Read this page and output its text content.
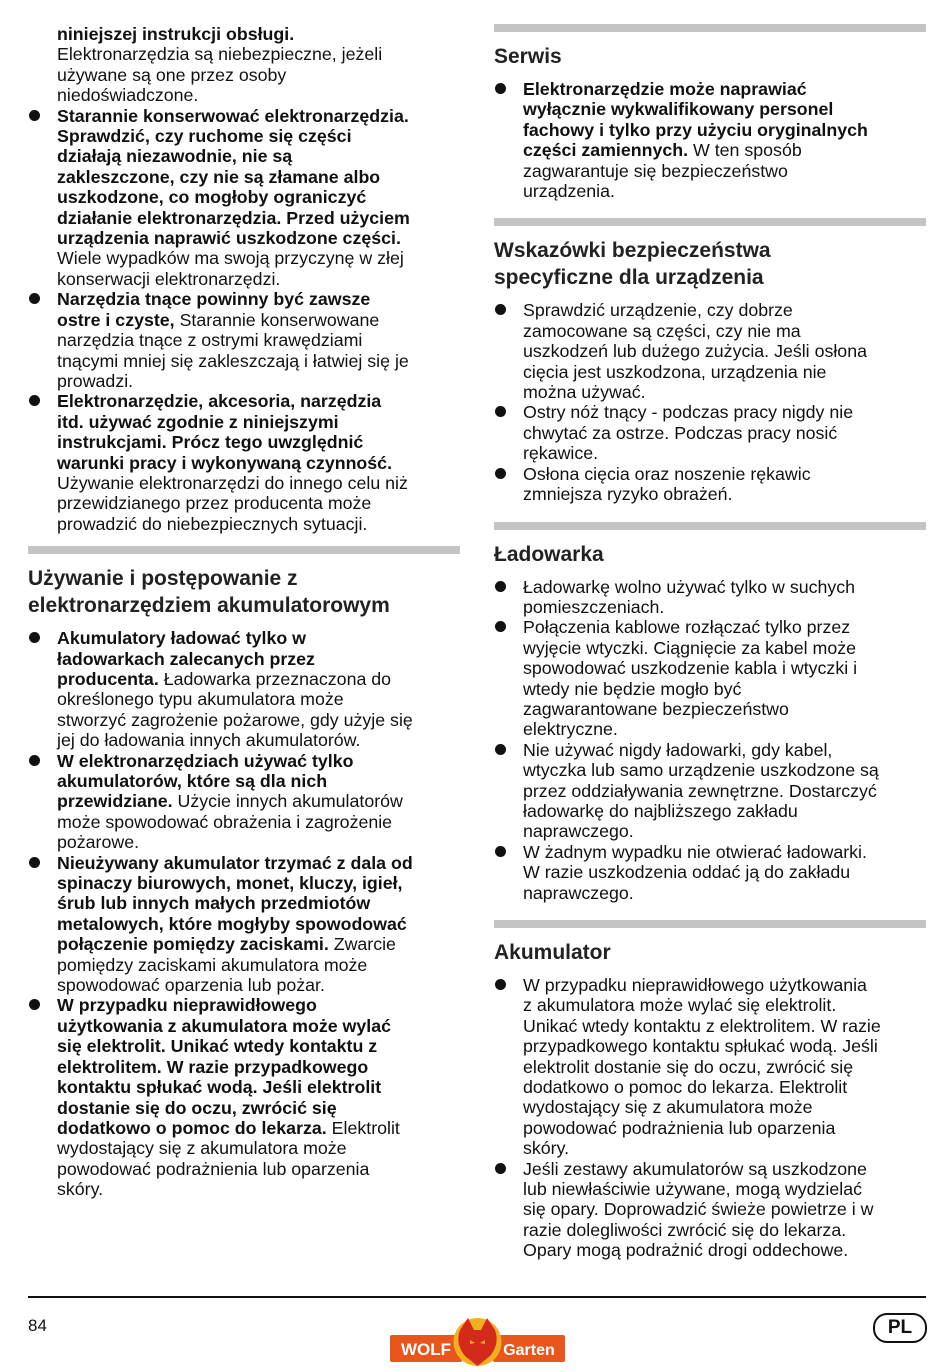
niniejszej instrukcji obsługi.
Elektronarzędzia są niebezpieczne, jeżeli
używane są one przez osoby
niedoświadczone.
Starannie konserwować elektronarzędzia.
Sprawdzić, czy ruchome się części
działają niezawodnie, nie są
zakleszczone, czy nie są złamane albo
uszkodzone, co mogłoby ograniczyć
działanie elektronarzędzia. Przed użyciem
urządzenia naprawić uszkodzone części.
Wiele wypadków ma swoją przyczynę w złej
konserwacji elektronarzędzi.
Narzędzia tnące powinny być zawsze
ostre i czyste, Starannie konserwowane
narzędzia tnące z ostrymi krawędziami
tnącymi mniej się zakleszczają i łatwiej się je
prowadzi.
Elektronarzędzie, akcesoria, narzędzia
itd. używać zgodnie z niniejszymi
instrukcjami. Prócz tego uwzględnić
warunki pracy i wykonywaną czynność.
Używanie elektronarzędzi do innego celu niż
przewidzianego przez producenta może
prowadzić do niebezpiecznych sytuacji.
Używanie i postępowanie z
elektronarzędziem akumulatorowym
Akumulatory ładować tylko w
ładowarkach zalecanych przez
producenta. Ładowarka przeznaczona do
określonego typu akumulatora może
stworzyć zagrożenie pożarowe, gdy użyje się
jej do ładowania innych akumulatorów.
W elektronarzędziach używać tylko
akumulatorów, które są dla nich
przewidziane. Użycie innych akumulatorów
może spowodować obrażenia i zagrożenie
pożarowe.
Nieużywany akumulator trzymać z dala od
spinaczy biurowych, monet, kluczy, igieł,
śrub lub innych małych przedmiotów
metalowych, które mogłyby spowodować
połączenie pomiędzy zaciskami. Zwarcie
pomiędzy zaciskami akumulatora może
spowodować oparzenia lub pożar.
W przypadku nieprawidłowego
użytkowania z akumulatora może wylać
się elektrolit. Unikać wtedy kontaktu z
elektrolitem. W razie przypadkowego
kontaktu spłukać wodą. Jeśli elektrolit
dostanie się do oczu, zwrócić się
dodatkowo o pomoc do lekarza. Elektrolit
wydostający się z akumulatora może
powodować podrażnienia lub oparzenia
skóry.
Serwis
Elektronarzędzie może naprawiać
wyłącznie wykwalifikowany personel
fachowy i tylko przy użyciu oryginalnych
części zamiennych. W ten sposób
zagwarantuje się bezpieczeństwo
urządzenia.
Wskazówki bezpieczeństwa
specyficzne dla urządzenia
Sprawdzić urządzenie, czy dobrze
zamocowane są części, czy nie ma
uszkodzeń lub dużego zużycia. Jeśli osłona
cięcia jest uszkodzona, urządzenia nie
można używać.
Ostry nóż tnący - podczas pracy nigdy nie
chwytać za ostrze. Podczas pracy nosić
rękawice.
Osłona cięcia oraz noszenie rękawic
zmniejsza ryzyko obrażeń.
Ładowarka
Ładowarkę wolno używać tylko w suchych
pomieszczeniach.
Połączenia kablowe rozłączać tylko przez
wyjęcie wtyczki. Ciągnięcie za kabel może
spowodować uszkodzenie kabla i wtyczki i
wtedy nie będzie mogło być
zagwarantowane bezpieczeństwo
elektryczne.
Nie używać nigdy ładowarki, gdy kabel,
wtyczka lub samo urządzenie uszkodzone są
przez oddziaływania zewnętrzne. Dostarczyć
ładowarkę do najbliższego zakładu
naprawczego.
W żadnym wypadku nie otwierać ładowarki.
W razie uszkodzenia oddać ją do zakładu
naprawczego.
Akumulator
W przypadku nieprawidłowego użytkowania
z akumulatora może wylać się elektrolit.
Unikać wtedy kontaktu z elektrolitem. W razie
przypadkowego kontaktu spłukać wodą. Jeśli
elektrolit dostanie się do oczu, zwrócić się
dodatkowo o pomoc do lekarza. Elektrolit
wydostający się z akumulatora może
powodować podrażnienia lub oparzenia
skóry.
Jeśli zestawy akumulatorów są uszkodzone
lub niewłaściwie używane, mogą wydzielać
się opary. Doprowadzić świeże powietrze i w
razie dolegliwości zwrócić się do lekarza.
Opary mogą podrażnić drogi oddechowe.
84
WOLF	Garten
PL
